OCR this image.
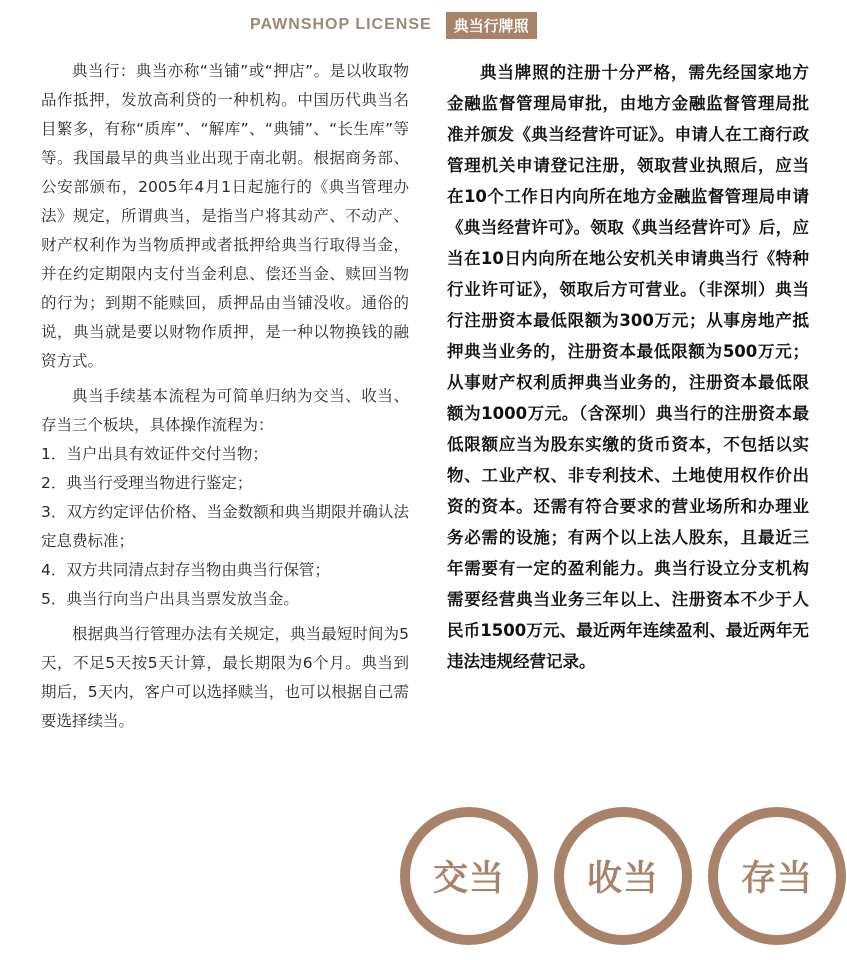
PAWNSHOP LICENSE	典当行牌照

典当行：典当亦称“当铺”或“押店”。是以收取物品作抵押，发放高利贷的一种机构。中国历代典当名目繁多，有称“质库”、“解库”、“典铺”、“长生库”等等。我国最早的典当业出现于南北朝。根据商务部、公安部颁布，2005年4月1日起施行的《典当管理办法》规定，所谓典当，是指当户将其动产、不动产、财产权利作为当物质押或者抵押给典当行取得当金，并在约定期限内支付当金利息、偿还当金、赎回当物的行为；到期不能赎回，质押品由当铺没收。通俗的说，典当就是要以财物作质押，是一种以物换钱的融资方式。

典当手续基本流程为可简单归纳为交当、收当、存当三个板块，具体操作流程为：

1．当户出具有效证件交付当物；

2．典当行受理当物进行鉴定；

3．双方约定评估价格、当金数额和典当期限并确认法定息费标准；

4．双方共同清点封存当物由典当行保管；

5．典当行向当户出具当票发放当金。

根据典当行管理办法有关规定，典当最短时间为5天，不足5天按5天计算，最长期限为6个月。典当到期后，5天内，客户可以选择赎当，也可以根据自己需要选择续当。

典当牌照的注册十分严格，需先经国家地方金融监督管理局审批，由地方金融监督管理局批准并颁发《典当经营许可证》。申请人在工商行政管理机关申请登记注册，领取营业执照后，应当在10个工作日内向所在地方金融监督管理局申请《典当经营许可》。领取《典当经营许可》后，应当在10日内向所在地公安机关申请典当行《特种行业许可证》，领取后方可营业。（非深圳）典当行注册资本最低限额为300万元；从事房地产抵押典当业务的，注册资本最低限额为500万元；从事财产权利质押典当业务的，注册资本最低限额为1000万元。（含深圳）典当行的注册资本最低限额应当为股东实缴的货币资本，不包括以实物、工业产权、非专利技术、土地使用权作价出资的资本。还需有符合要求的营业场所和办理业务必需的设施；有两个以上法人股东，且最近三年需要有一定的盈利能力。典当行设立分支机构需要经营典当业务三年以上、注册资本不少于人民币1500万元、最近两年连续盈利、最近两年无违法违规经营记录。

交当	收当	存当
